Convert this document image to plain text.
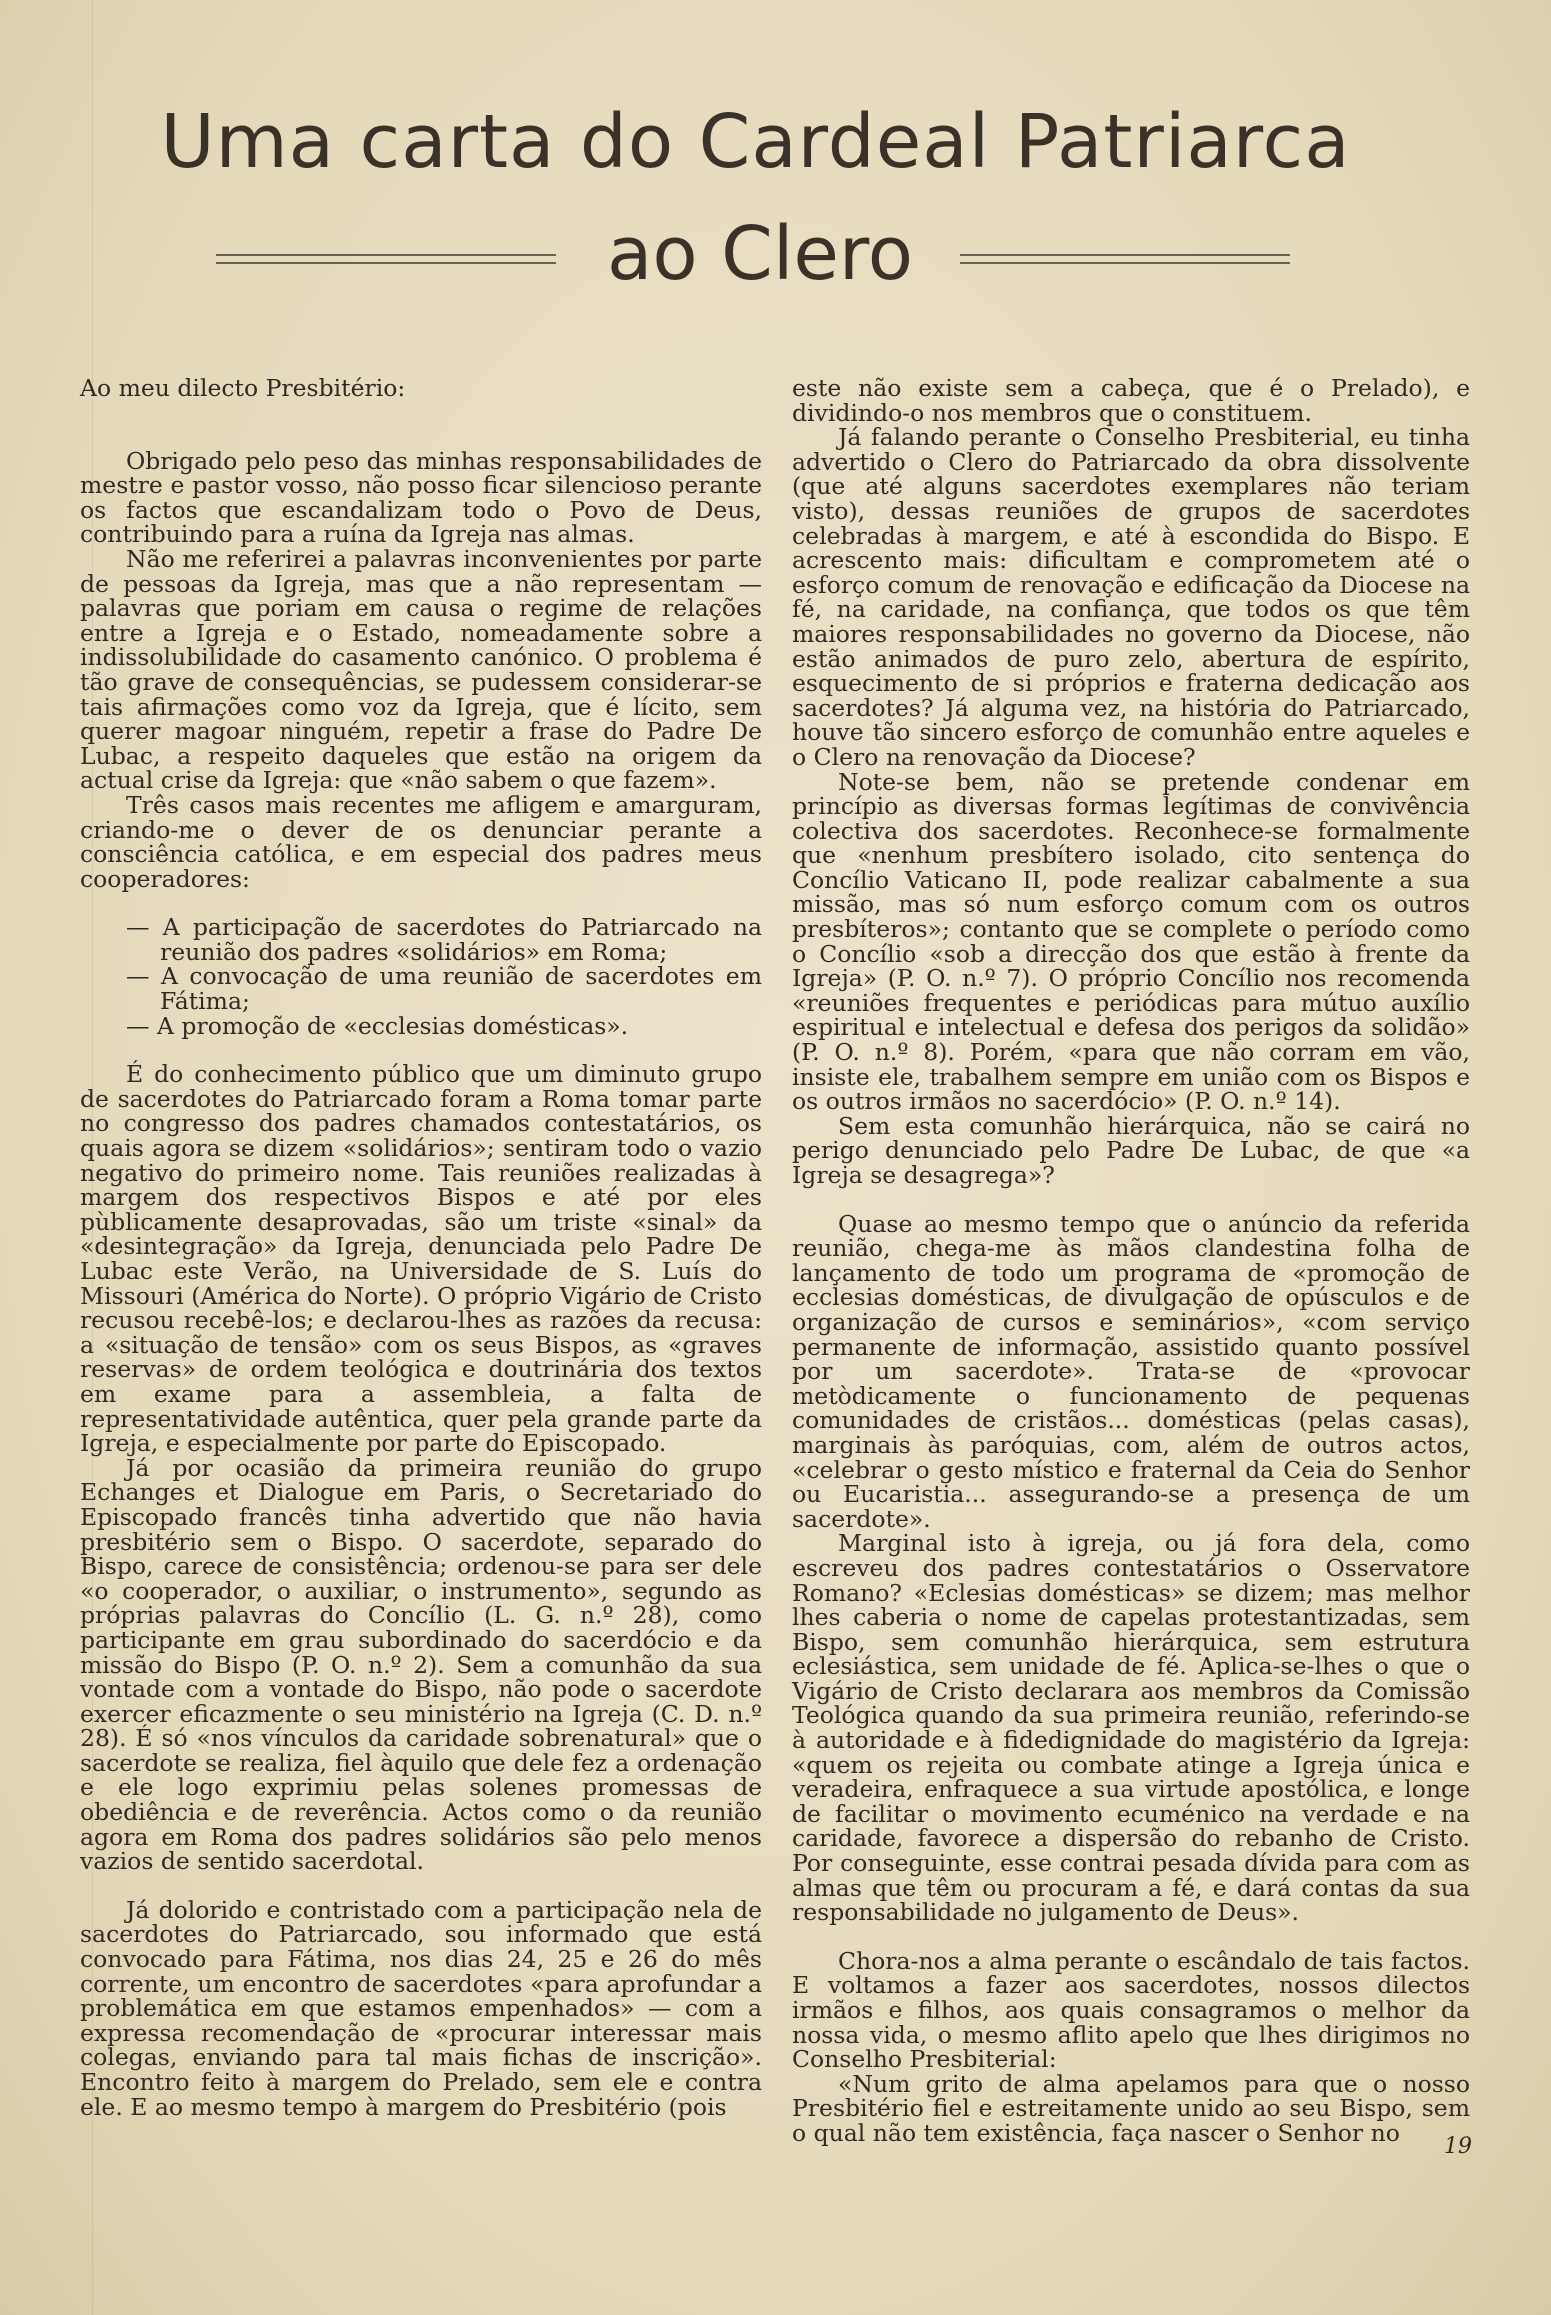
Uma carta do Cardeal Patriarca
ao Clero

Ao meu dilecto Presbitério:

Obrigado pelo peso das minhas responsabilidades de mestre e pastor vosso, não posso ficar silencioso perante os factos que escandalizam todo o Povo de Deus, contribuindo para a ruína da Igreja nas almas.

Não me referirei a palavras inconvenientes por parte de pessoas da Igreja, mas que a não representam — palavras que poriam em causa o regime de relações entre a Igreja e o Estado, nomeadamente sobre a indissolubilidade do casamento canónico. O problema é tão grave de consequências, se pudessem considerar-se tais afirmações como voz da Igreja, que é lícito, sem querer magoar ninguém, repetir a frase do Padre De Lubac, a respeito daqueles que estão na origem da actual crise da Igreja: que «não sabem o que fazem».

Três casos mais recentes me afligem e amarguram, criando-me o dever de os denunciar perante a consciência católica, e em especial dos padres meus cooperadores:

— A participação de sacerdotes do Patriarcado na reunião dos padres «solidários» em Roma;
— A convocação de uma reunião de sacerdotes em Fátima;
— A promoção de «ecclesias domésticas».

É do conhecimento público que um diminuto grupo de sacerdotes do Patriarcado foram a Roma tomar parte no congresso dos padres chamados contestatários, os quais agora se dizem «solidários»; sentiram todo o vazio negativo do primeiro nome. Tais reuniões realizadas à margem dos respectivos Bispos e até por eles pùblicamente desaprovadas, são um triste «sinal» da «desintegração» da Igreja, denunciada pelo Padre De Lubac este Verão, na Universidade de S. Luís do Missouri (América do Norte). O próprio Vigário de Cristo recusou recebê-los; e declarou-lhes as razões da recusa: a «situação de tensão» com os seus Bispos, as «graves reservas» de ordem teológica e doutrinária dos textos em exame para a assembleia, a falta de representatividade autêntica, quer pela grande parte da Igreja, e especialmente por parte do Episcopado.

Já por ocasião da primeira reunião do grupo Echanges et Dialogue em Paris, o Secretariado do Episcopado francês tinha advertido que não havia presbitério sem o Bispo. O sacerdote, separado do Bispo, carece de consistência; ordenou-se para ser dele «o cooperador, o auxiliar, o instrumento», segundo as próprias palavras do Concílio (L. G. n.º 28), como participante em grau subordinado do sacerdócio e da missão do Bispo (P. O. n.º 2). Sem a comunhão da sua vontade com a vontade do Bispo, não pode o sacerdote exercer eficazmente o seu ministério na Igreja (C. D. n.º 28). É só «nos vínculos da caridade sobrenatural» que o sacerdote se realiza, fiel àquilo que dele fez a ordenação e ele logo exprimiu pelas solenes promessas de obediência e de reverência. Actos como o da reunião agora em Roma dos padres solidários são pelo menos vazios de sentido sacerdotal.

Já dolorido e contristado com a participação nela de sacerdotes do Patriarcado, sou informado que está convocado para Fátima, nos dias 24, 25 e 26 do mês corrente, um encontro de sacerdotes «para aprofundar a problemática em que estamos empenhados» — com a expressa recomendação de «procurar interessar mais colegas, enviando para tal mais fichas de inscrição». Encontro feito à margem do Prelado, sem ele e contra ele. E ao mesmo tempo à margem do Presbitério (pois

este não existe sem a cabeça, que é o Prelado), e dividindo-o nos membros que o constituem.

Já falando perante o Conselho Presbiterial, eu tinha advertido o Clero do Patriarcado da obra dissolvente (que até alguns sacerdotes exemplares não teriam visto), dessas reuniões de grupos de sacerdotes celebradas à margem, e até à escondida do Bispo. E acrescento mais: dificultam e comprometem até o esforço comum de renovação e edificação da Diocese na fé, na caridade, na confiança, que todos os que têm maiores responsabilidades no governo da Diocese, não estão animados de puro zelo, abertura de espírito, esquecimento de si próprios e fraterna dedicação aos sacerdotes? Já alguma vez, na história do Patriarcado, houve tão sincero esforço de comunhão entre aqueles e o Clero na renovação da Diocese?

Note-se bem, não se pretende condenar em princípio as diversas formas legítimas de convivência colectiva dos sacerdotes. Reconhece-se formalmente que «nenhum presbítero isolado, cito sentença do Concílio Vaticano II, pode realizar cabalmente a sua missão, mas só num esforço comum com os outros presbíteros»; contanto que se complete o período como o Concílio «sob a direcção dos que estão à frente da Igreja» (P. O. n.º 7). O próprio Concílio nos recomenda «reuniões frequentes e periódicas para mútuo auxílio espiritual e intelectual e defesa dos perigos da solidão» (P. O. n.º 8). Porém, «para que não corram em vão, insiste ele, trabalhem sempre em união com os Bispos e os outros irmãos no sacerdócio» (P. O. n.º 14).

Sem esta comunhão hierárquica, não se cairá no perigo denunciado pelo Padre De Lubac, de que «a Igreja se desagrega»?

Quase ao mesmo tempo que o anúncio da referida reunião, chega-me às mãos clandestina folha de lançamento de todo um programa de «promoção de ecclesias domésticas, de divulgação de opúsculos e de organização de cursos e seminários», «com serviço permanente de informação, assistido quanto possível por um sacerdote». Trata-se de «provocar metòdicamente o funcionamento de pequenas comunidades de cristãos... domésticas (pelas casas), marginais às paróquias, com, além de outros actos, «celebrar o gesto místico e fraternal da Ceia do Senhor ou Eucaristia... assegurando-se a presença de um sacerdote».

Marginal isto à igreja, ou já fora dela, como escreveu dos padres contestatários o Osservatore Romano? «Eclesias domésticas» se dizem; mas melhor lhes caberia o nome de capelas protestantizadas, sem Bispo, sem comunhão hierárquica, sem estrutura eclesiástica, sem unidade de fé. Aplica-se-lhes o que o Vigário de Cristo declarara aos membros da Comissão Teológica quando da sua primeira reunião, referindo-se à autoridade e à fidedignidade do magistério da Igreja: «quem os rejeita ou combate atinge a Igreja única e veradeira, enfraquece a sua virtude apostólica, e longe de facilitar o movimento ecuménico na verdade e na caridade, favorece a dispersão do rebanho de Cristo. Por conseguinte, esse contrai pesada dívida para com as almas que têm ou procuram a fé, e dará contas da sua responsabilidade no julgamento de Deus».

Chora-nos a alma perante o escândalo de tais factos. E voltamos a fazer aos sacerdotes, nossos dilectos irmãos e filhos, aos quais consagramos o melhor da nossa vida, o mesmo aflito apelo que lhes dirigimos no Conselho Presbiterial:

«Num grito de alma apelamos para que o nosso Presbitério fiel e estreitamente unido ao seu Bispo, sem o qual não tem existência, faça nascer o Senhor no	19
